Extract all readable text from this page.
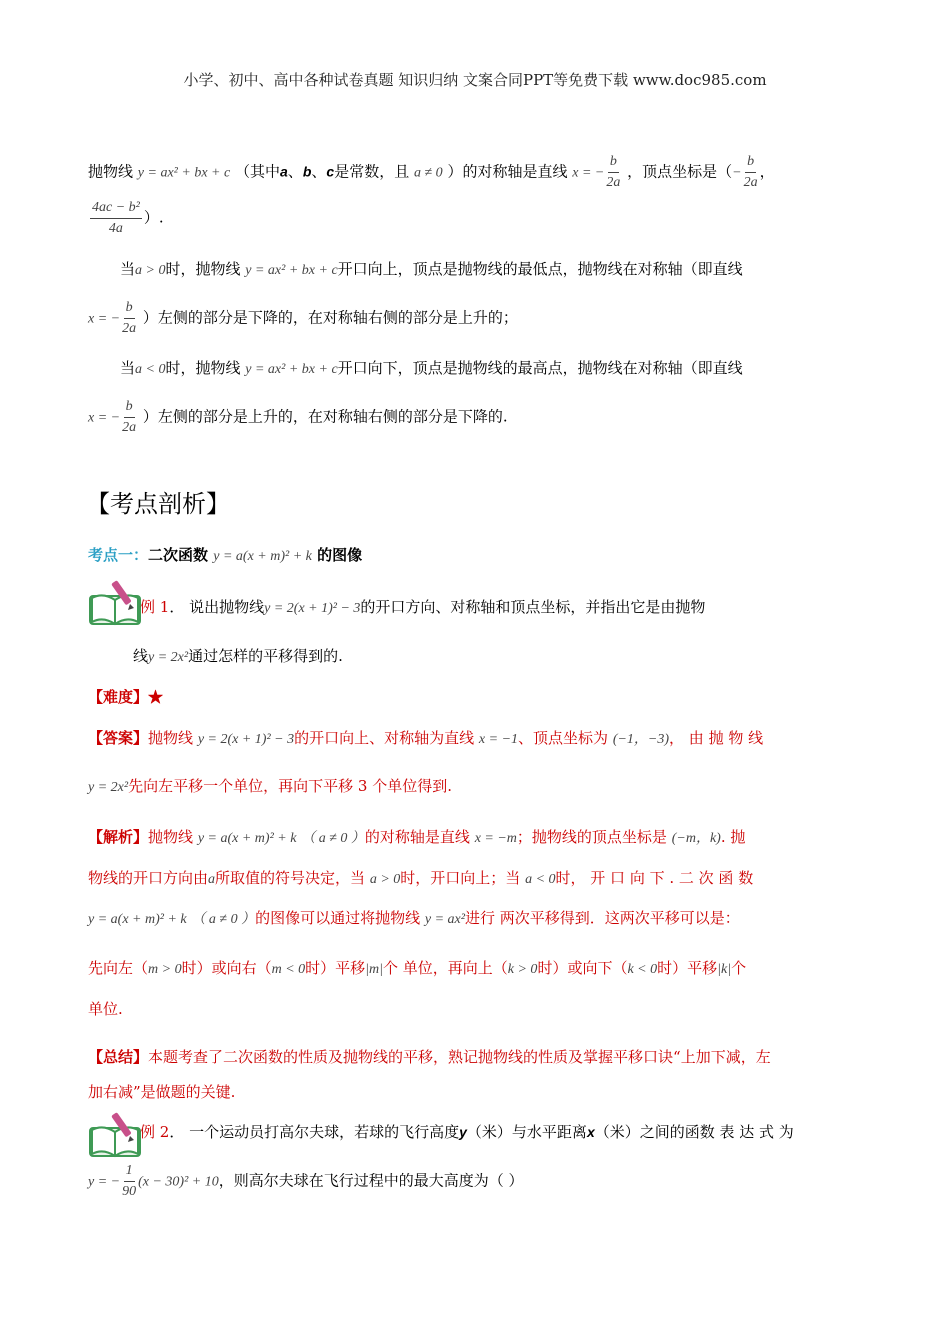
小学、初中、高中各种试卷真题 知识归纳 文案合同PPT等免费下载 www.doc985.com
抛物线 y = ax² + bx + c （其中a、b、c是常数，且 a ≠ 0 ）的对称轴是直线 x = − $\frac{b}{2a}$ ，顶点坐标是（− $\frac{b}{2a}$ ，
$\frac{\text{4ac − b²}}{4a}$ ）.
当a > 0时，抛物线 y = ax² + bx + c开口向上，顶点是抛物线的最低点，抛物线在对称轴（即直线
x = − $\frac{b}{2a}$ ）左侧的部分是下降的，在对称轴右侧的部分是上升的；
当a < 0时，抛物线 y = ax² + bx + c开口向下，顶点是抛物线的最高点，抛物线在对称轴（即直线
x = − $\frac{b}{2a}$ ）左侧的部分是上升的，在对称轴右侧的部分是下降的.
【考点剖析】
考点一：二次函数 y = a(x + m)² + k 的图像
例 1． 说出抛物线y = 2(x + 1)² − 3的开口方向、对称轴和顶点坐标，并指出它是由抛物
线y = 2x²通过怎样的平移得到的.
【难度】★
【答案】抛物线 y = 2(x + 1)² − 3的开口向上、对称轴为直线 x = −1、顶点坐标为 (−1，−3)， 由 抛 物 线
y = 2x²先向左平移一个单位，再向下平移 3 个单位得到.
【解析】抛物线 y = a(x + m)² + k （ a ≠ 0 ）的对称轴是直线 x = −m；抛物线的顶点坐标是 (−m，k). 抛
物线的开口方向由a所取值的符号决定，当 a > 0时，开口向上；当 a < 0时， 开 口 向 下 . 二 次 函 数
y = a(x + m)² + k （ a ≠ 0 ）的图像可以通过将抛物线 y = ax²进行 两次平移得到．这两次平移可以是：
先向左（m > 0时）或向右（m < 0时）平移|m|个 单位，再向上（k > 0时）或向下（k < 0时）平移|k|个
单位.
【总结】本题考查了二次函数的性质及抛物线的平移，熟记抛物线的性质及掌握平移口诀“上加下减，左
加右减”是做题的关键.
例 2． 一个运动员打高尔夫球，若球的飞行高度y（米）与水平距离x（米）之间的函数 表 达 式 为
y = − $\frac{1}{90} (x - 30)^2 + 10$，则高尔夫球在飞行过程中的最大高度为（ ）
